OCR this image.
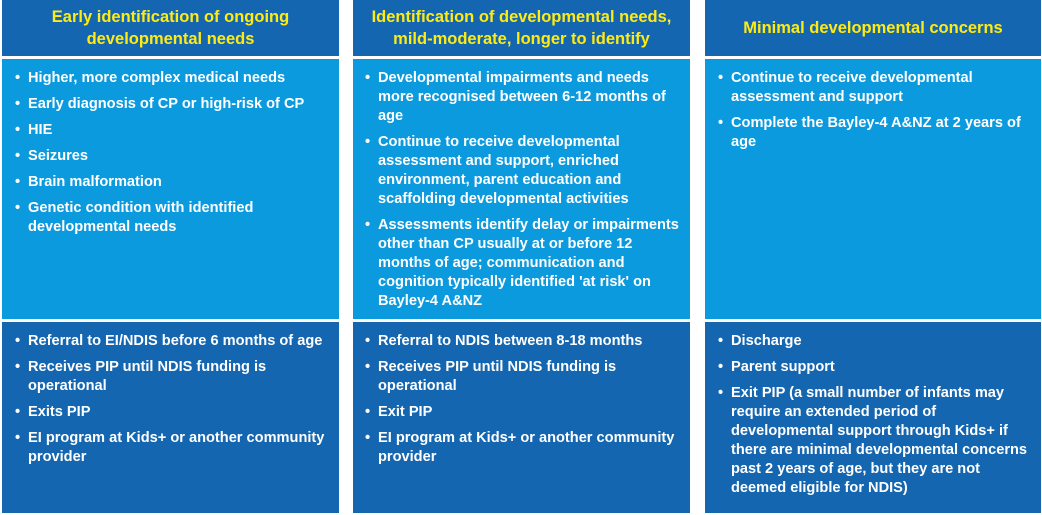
Early identification of ongoing developmental needs
• Higher, more complex medical needs
• Early diagnosis of CP or high-risk of CP
• HIE
• Seizures
• Brain malformation
• Genetic condition with identified developmental needs
• Referral to EI/NDIS before 6 months of age
• Receives PIP until NDIS funding is operational
• Exits PIP
• EI program at Kids+ or another community provider
Identification of developmental needs, mild-moderate, longer to identify
• Developmental impairments and needs more recognised between 6-12 months of age
• Continue to receive developmental assessment and support, enriched environment, parent education and scaffolding developmental activities
• Assessments identify delay or impairments other than CP usually at or before 12 months of age; communication and cognition typically identified 'at risk' on Bayley-4 A&NZ
• Referral to NDIS between 8-18 months
• Receives PIP until NDIS funding is operational
• Exit PIP
• EI program at Kids+ or another community provider
Minimal developmental concerns
• Continue to receive developmental assessment and support
• Complete the Bayley-4 A&NZ at 2 years of age
• Discharge
• Parent support
• Exit PIP (a small number of infants may require an extended period of developmental support through Kids+ if there are minimal developmental concerns past 2 years of age, but they are not deemed eligible for NDIS)
